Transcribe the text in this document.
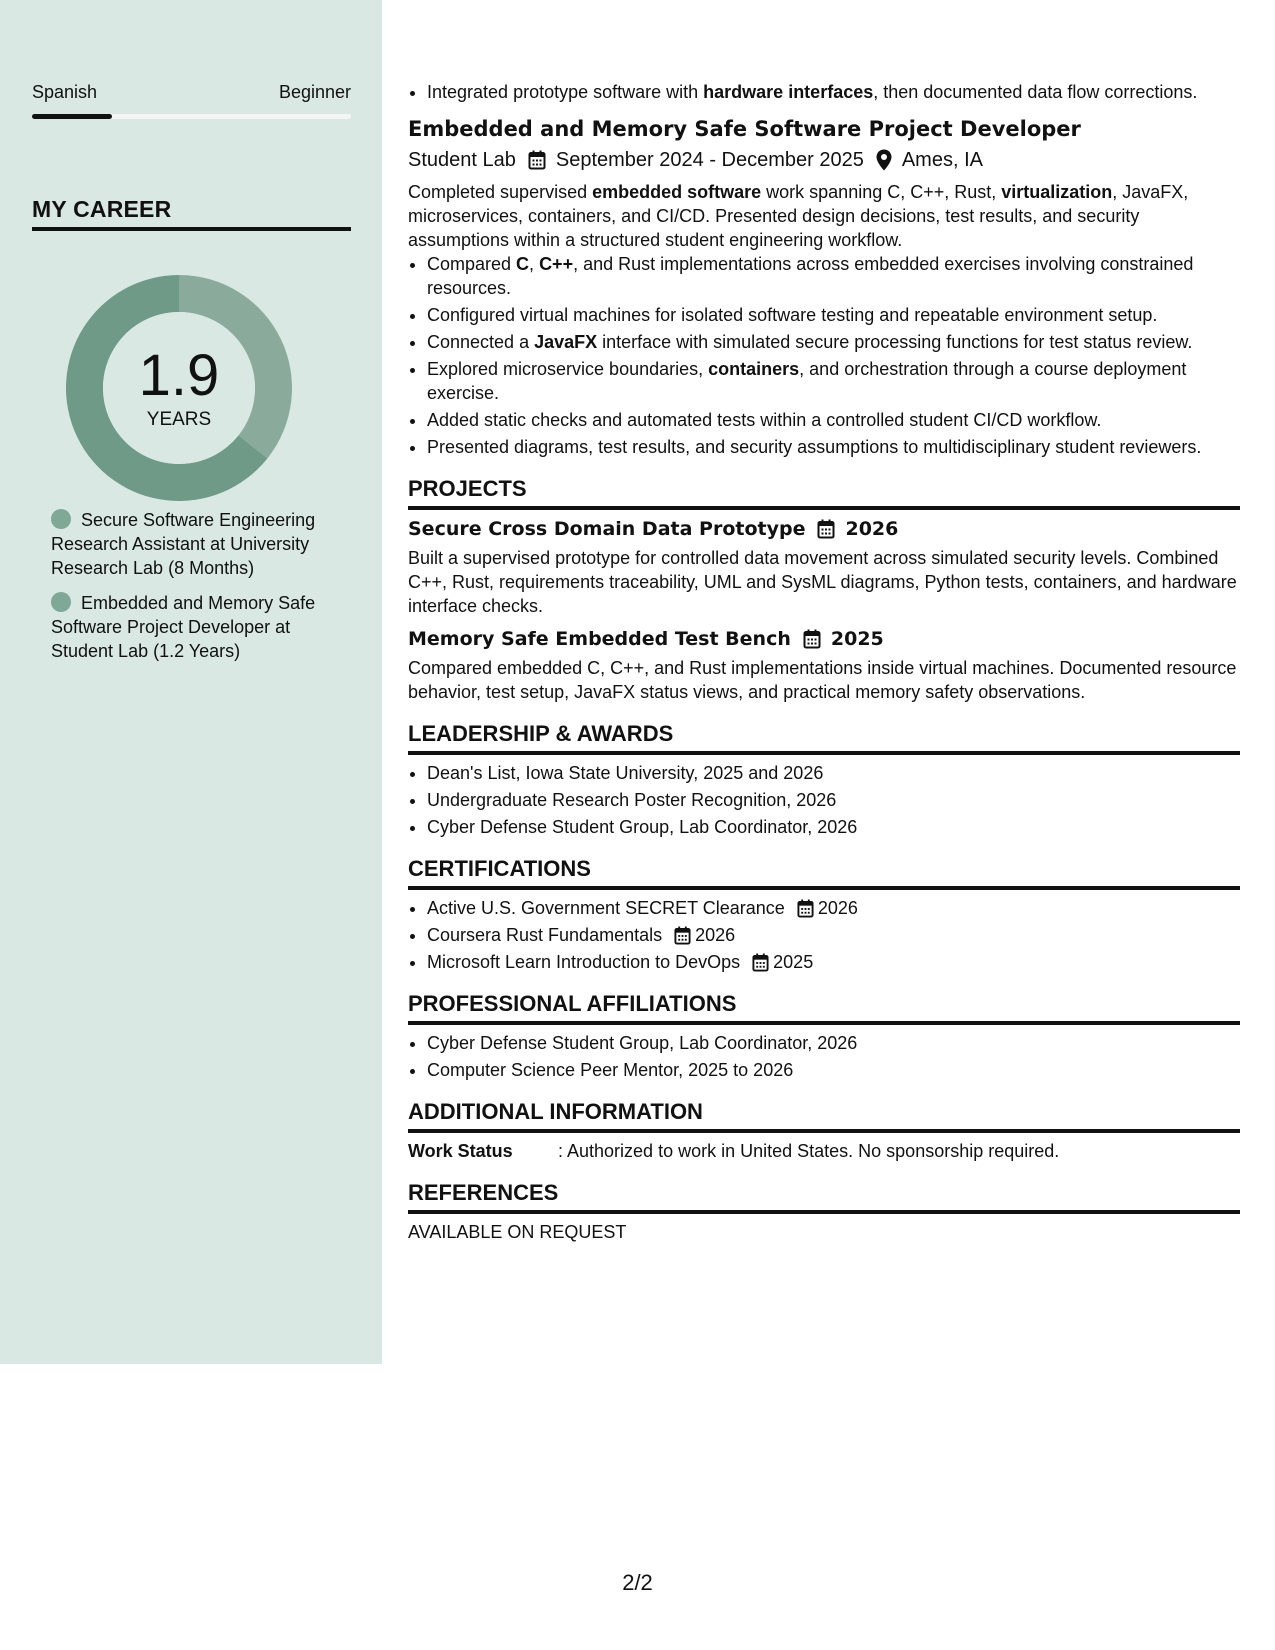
Spanish	Beginner
MY CAREER
1.9
YEARS
Secure Software Engineering Research Assistant at University Research Lab (8 Months)
Embedded and Memory Safe Software Project Developer at Student Lab (1.2 Years)
• Integrated prototype software with hardware interfaces, then documented data flow corrections.
Embedded and Memory Safe Software Project Developer
Student Lab September 2024 - December 2025 Ames, IA
Completed supervised embedded software work spanning C, C++, Rust, virtualization, JavaFX, microservices, containers, and CI/CD. Presented design decisions, test results, and security assumptions within a structured student engineering workflow.
• Compared C, C++, and Rust implementations across embedded exercises involving constrained resources.
• Configured virtual machines for isolated software testing and repeatable environment setup.
• Connected a JavaFX interface with simulated secure processing functions for test status review.
• Explored microservice boundaries, containers, and orchestration through a course deployment exercise.
• Added static checks and automated tests within a controlled student CI/CD workflow.
• Presented diagrams, test results, and security assumptions to multidisciplinary student reviewers.
PROJECTS
Secure Cross Domain Data Prototype 2026
Built a supervised prototype for controlled data movement across simulated security levels. Combined C++, Rust, requirements traceability, UML and SysML diagrams, Python tests, containers, and hardware interface checks.
Memory Safe Embedded Test Bench 2025
Compared embedded C, C++, and Rust implementations inside virtual machines. Documented resource behavior, test setup, JavaFX status views, and practical memory safety observations.
LEADERSHIP & AWARDS
• Dean's List, Iowa State University, 2025 and 2026
• Undergraduate Research Poster Recognition, 2026
• Cyber Defense Student Group, Lab Coordinator, 2026
CERTIFICATIONS
• Active U.S. Government SECRET Clearance 2026
• Coursera Rust Fundamentals 2026
• Microsoft Learn Introduction to DevOps 2025
PROFESSIONAL AFFILIATIONS
• Cyber Defense Student Group, Lab Coordinator, 2026
• Computer Science Peer Mentor, 2025 to 2026
ADDITIONAL INFORMATION
Work Status	: Authorized to work in United States. No sponsorship required.
REFERENCES
AVAILABLE ON REQUEST
2/2
